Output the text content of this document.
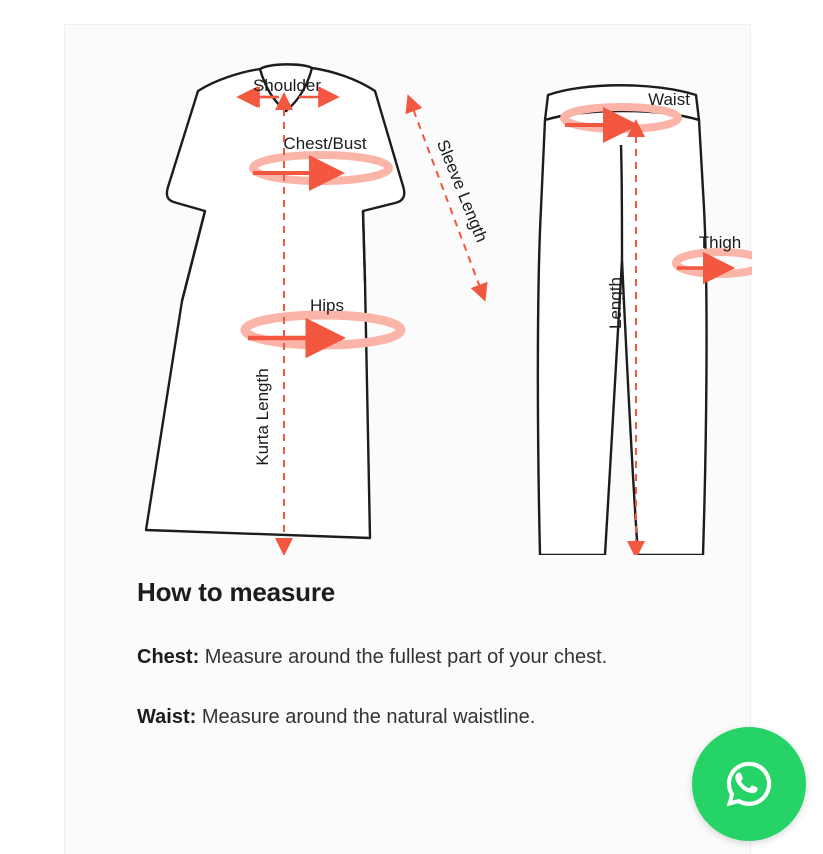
Shoulder
Chest/Bust
Hips
Sleeve Length
Kurta Length
Waist
Thigh
Length
How to measure

Chest: Measure around the fullest part of your chest.

Waist: Measure around the natural waistline.
